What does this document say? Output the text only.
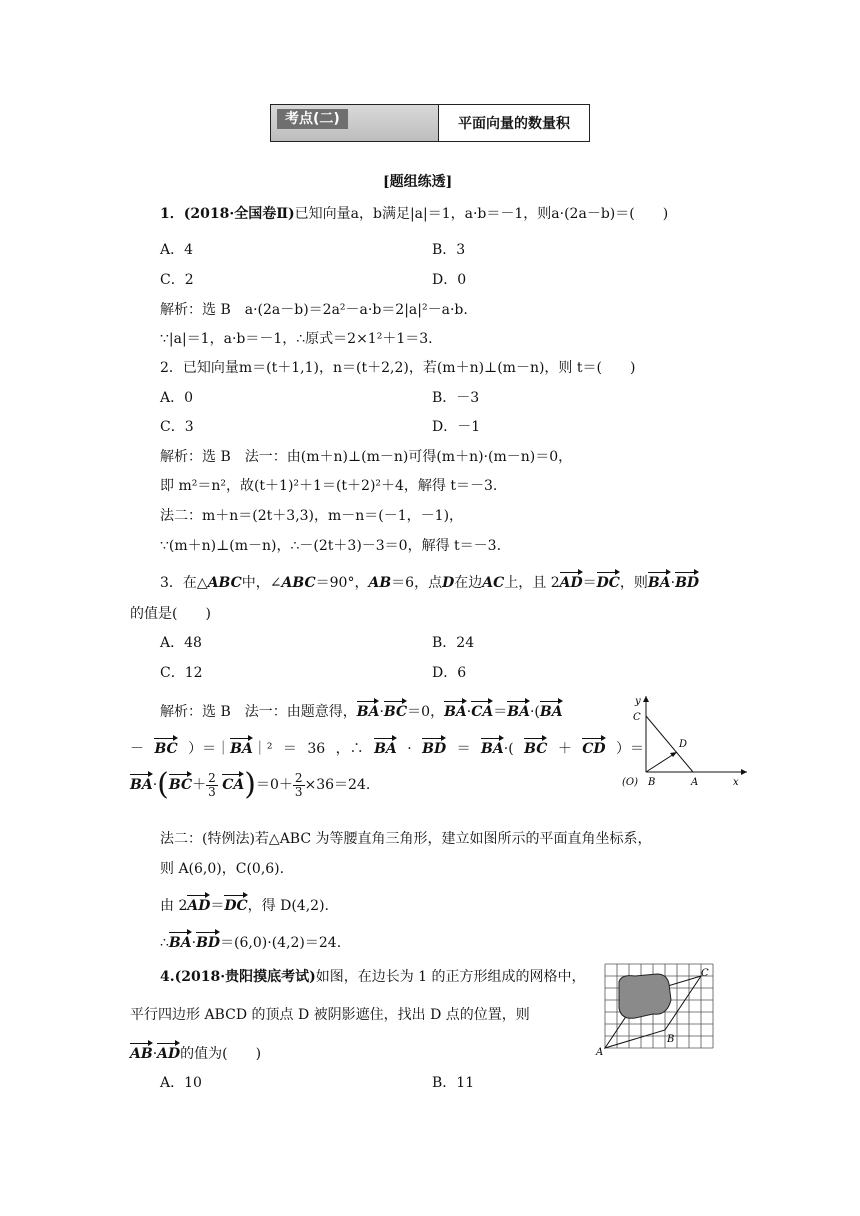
考点(二)	平面向量的数量积
[题组练透]
1．(2018·全国卷Ⅱ)已知向量a，b满足|a|＝1，a·b＝－1，则a·(2a－b)＝(　　)
A．4	B．3
C．2	D．0
解析：选 B　a·(2a－b)＝2a²－a·b＝2|a|²－a·b.
∵|a|＝1，a·b＝－1，∴原式＝2×1²＋1＝3.
2．已知向量m＝(t＋1,1)，n＝(t＋2,2)，若(m＋n)⊥(m－n)，则 t＝(　　)
A．0	B．－3
C．3	D．－1
解析：选 B　法一：由(m＋n)⊥(m－n)可得(m＋n)·(m－n)＝0，
即 m²＝n²，故(t＋1)²＋1＝(t＋2)²＋4，解得 t＝－3.
法二：m＋n＝(2t＋3,3)，m－n＝(－1，－1)，
∵(m＋n)⊥(m－n)，∴－(2t＋3)－3＝0，解得 t＝－3.
3．在△ABC中，∠ABC＝90°，AB＝6，点D在边AC上，且 2AD＝DC，则BA·BD
的值是(　　)
A．48	B．24
C．12	D．6
解析：选 B　法一：由题意得，BA·BC＝0，BA·CA＝BA·(BA
－ BC ）＝｜BA｜² ＝ 36 ，∴ BA · BD ＝ BA·( BC ＋ CD ）＝
$BA\cdot(BC+ \frac{2}{3} CA)=0+ \frac{2}{3} \times 36=24$.
y
x
C
D
(O) B	A
法二：(特例法)若△ABC 为等腰直角三角形，建立如图所示的平面直角坐标系，
则 A(6,0)，C(0,6).
由 2AD＝DC，得 D(4,2).
∴BA·BD＝(6,0)·(4,2)＝24.
4.(2018·贵阳摸底考试)如图，在边长为 1 的正方形组成的网格中，
平行四边形 ABCD 的顶点 D 被阴影遮住，找出 D 点的位置，则
AB·AD的值为(　　)
A．10	B．11
A
B
C
